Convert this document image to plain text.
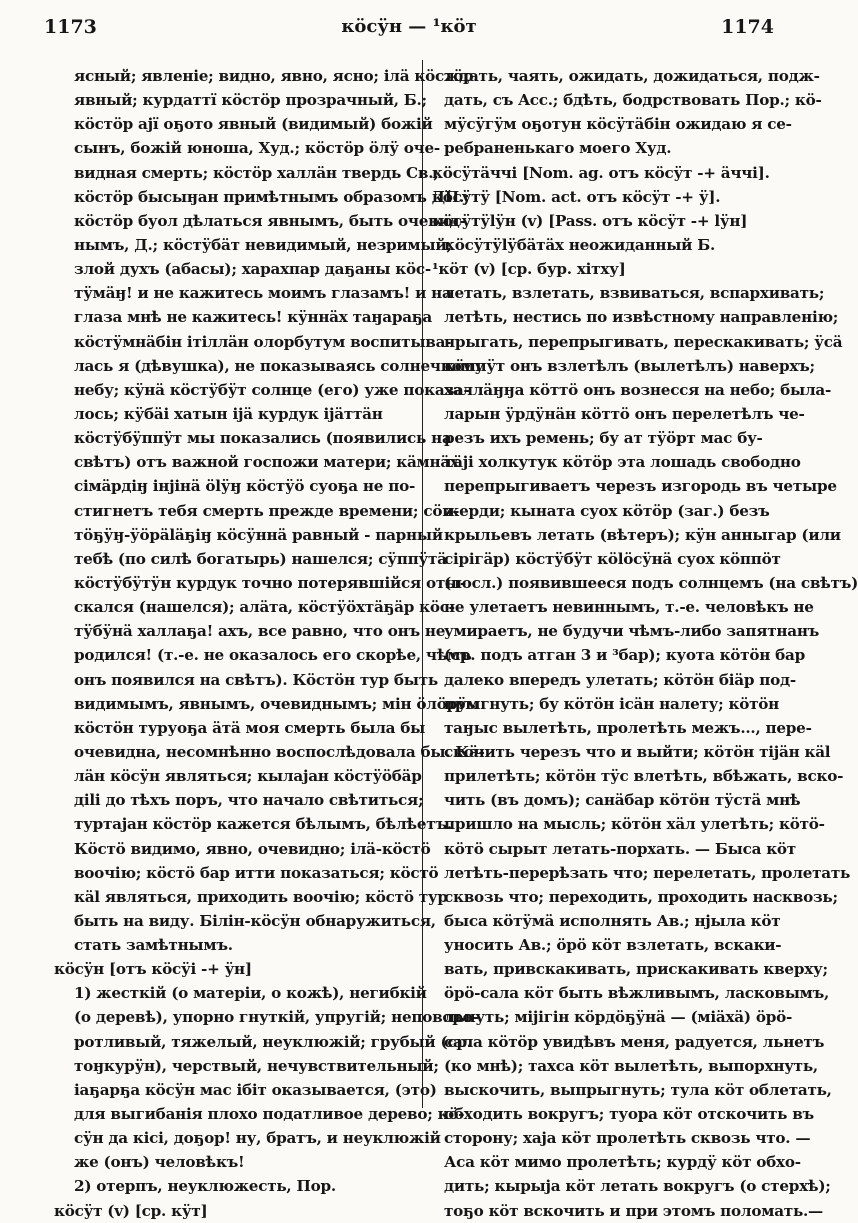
1173	кӧсӱн — ¹кӧт	1174
ясный; явленіе; видно, явно, ясно; ілӓ кӧстӧр
явный; курдаттї кӧстӧр прозрачный, Б.;
кӧстӧр ajї оҕото явный (видимый) божій
сынъ, божій юноша, Худ.; кӧстӧр ӧлӱ оче-
видная смерть; кӧстӧр халлӓн твердь Св.;
кӧстӧр бысыӈан примѣтнымъ образомъ ДП.;
кӧстӧр буол дѣлаться явнымъ, быть очевид-
нымъ, Д.; кӧстӱбӓт невидимый, незримый;
злой духъ (абасы); харахпар даҕаны кӧс-
тӱмӓӈ! и не кажитесь моимъ глазамъ! и на
глаза мнѣ не кажитесь! кӱннӓх таӈараҕа
кӧстӱмнӓбін ітіллӓн олорбутум воспитыва-
лась я (дѣвушка), не показываясь солнечному
небу; кӱнӓ кӧстӱбӱт солнце (его) уже показа-
лось; кӱбӓі хатын іjӓ курдук іjӓттӓн
кӧстӱбӱппӱт мы показались (появились на
свѣтъ) отъ важной госпожи матери; кӓмнӓх
сімӓрдіӈ інjінӓ ӧlӱӈ кӧстӱӧ суоҕа не по-
стигнетъ тебя смерть прежде времени; сӧн-
тӧҕӱӈ-ӱӧрӓlӓҕіӈ кӧсӱннӓ равный - парный
тебѣ (по силѣ богатырь) нашелся; сӱппӱтӓ
кӧстӱбӱтӱн курдук точно потерявшійся оты-
скался (нашелся); алӓта, кӧстӱӧхтӓҕӓр кӧс-
тӱбӱнӓ халлаҕа! ахъ, все равно, что онъ не
родился! (т.-е. не оказалось его скорѣе, чѣмъ
онъ появился на свѣтъ). Кӧстӧн тур быть
видимымъ, явнымъ, очевиднымъ; мін ӧлӧрӱм
кӧстӧн туруоҕа ӓтӓ моя смерть была бы
очевидна, несомнѣнно воспослѣдовала бы. Кӓ-
лӓн кӧсӱн являться; кылаjан кӧстӱӧбӓр
діlі до тѣхъ поръ, что начало свѣтиться;
туртаjан кӧстӧр кажется бѣлымъ, бѣлѣетъ.
Кӧстӧ видимо, явно, очевидно; ілӓ-кӧстӧ
воочію; кӧстӧ бар итти показаться; кӧстӧ
кӓl являться, приходить воочію; кӧстӧ тур
быть на виду. Бiлiн-кӧсӱн обнаружиться,
стать замѣтнымъ.
кӧсӱн [отъ кӧсӱі -+ ӱн]
1) жесткій (о матеріи, о кожѣ), негибкій
(о деревѣ), упорно гнуткій, упругій; неповоро-
ротливый, тяжелый, неуклюжій; грубый (ср.
тоӈкурӱн), черствый, нечувствительный;
іаҕарҕа кӧсӱн мас ібіт оказывается, (это)
для выгибанія плохо податливое дерево; кӧ-
сӱн да кісі, доҕор! ну, братъ, и неуклюжій
же (онъ) человѣкъ!
2) отерпъ, неуклюжесть, Пор.
кӧсӱт (v) [ср. кӱт]
ждать, чаять, ожидать, дожидаться, подж-
дать, съ Acc.; бдѣть, бодрствовать Пор.; кӧ-
мӱсӱгӱм оҕотун кӧсӱтӓбін ожидаю я се-
ребраненькаго моего Худ.
кӧсӱтӓччі [Nom. ag. отъ кӧсӱт -+ ӓччі].
кӧсӱтӱ [Nom. act. отъ кӧсӱт -+ ӱ].
кӧсӱтӱlӱн (v) [Pass. отъ кӧсӱт -+ lӱн]
кӧсӱтӱlӱбӓтӓх неожиданный Б.
¹кӧт (v) [ср. бур. хітху]
летать, взлетать, взвиваться, вспархивать;
летѣть, нестись по извѣстному направленію;
прыгать, перепрыгивать, перескакивать; ӱсӓ
кӧппӱт онъ взлетѣлъ (вылетѣлъ) наверхъ;
халлӓӈӈа кӧттӧ онъ вознесся на небо; была-
ларын ӱрдӱнӓн кӧттӧ онъ перелетѣлъ че-
резъ ихъ ремень; бу ат тӱӧрт мас бу-
тӓjі холкутук кӧтӧр эта лошадь свободно
перепрыгиваетъ черезъ изгородь въ четыре
жерди; кыната суох кӧтӧр (заг.) безъ
крыльевъ летать (вѣтеръ); кӱн анныгар (или
сірігӓр) кӧстӱбӱт кӧlӧсӱнӓ суох кӧппӧт
(посл.) появившееся подъ солнцемъ (на свѣтъ)
не улетаетъ невиннымъ, т.-е. человѣкъ не
умираетъ, не будучи чѣмъ-либо запятнанъ
(ср. подъ атган 3 и ³бар); куота кӧтӧн бар
далеко впередъ улетать; кӧтӧн біӓр под-
прыгнуть; бу кӧтӧн ісӓн налету; кӧтӧн
таӈыс вылетѣть, пролетѣть межъ..., пере-
скочить черезъ что и выйти; кӧтӧн тіjӓн кӓl
прилетѣть; кӧтӧн тӱс влетѣть, вбѣжать, вско-
чить (въ домъ); санӓбар кӧтӧн тӱстӓ мнѣ
пришло на мысль; кӧтӧн хӓл улетѣть; кӧтӧ-
кӧтӧ сырыт летать-порхать. — Быса кӧт
летѣть-перерѣзать что; перелетать, пролетать
сквозь что; переходить, проходить насквозь;
быса кӧтӱмӓ исполнять Ав.; нjыла кӧт
уносить Ав.; ӧрӧ кӧт взлетать, вскаки-
вать, привскакивать, прискакивать кверху;
ӧрӧ-сала кӧт быть вѣжливымъ, ласковымъ,
льнуть; міjігін кӧрдӧҕӱнӓ — (міӓхӓ) ӧрӧ-
сала кӧтӧр увидѣвъ меня, радуется, льнетъ
(ко мнѣ); тахса кӧт вылетѣть, выпорхнуть,
выскочить, выпрыгнуть; тула кӧт облетать,
обходить вокругъ; туора кӧт отскочить въ
сторону; хаjа кӧт пролетѣть сквозь что. —
Аса кӧт мимо пролетѣть; курдӱ кӧт обхо-
дить; кырыjа кӧт летать вокругъ (о стерхѣ);
тоҕо кӧт вскочить и при этомъ поломать.—
